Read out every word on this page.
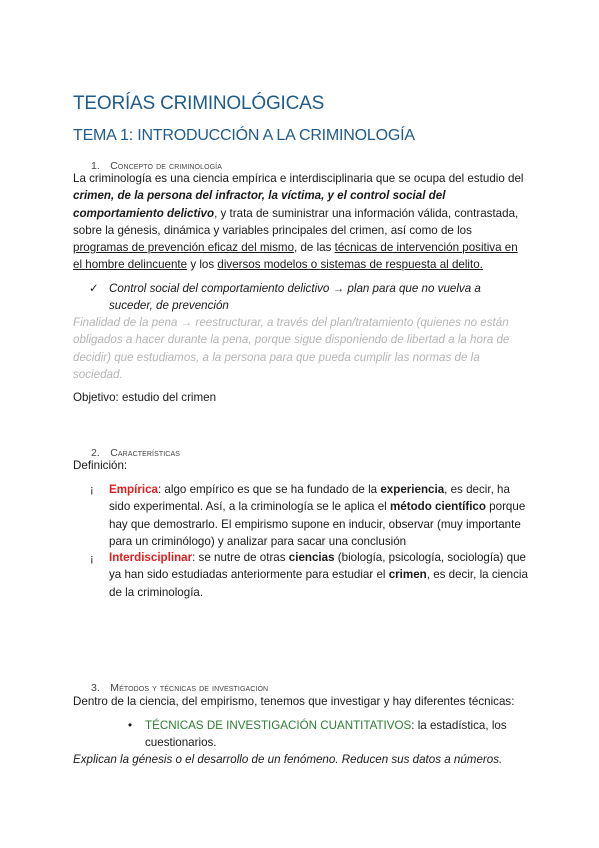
TEORÍAS CRIMINOLÓGICAS
TEMA 1: INTRODUCCIÓN A LA CRIMINOLOGÍA
1. Concepto de criminología

La criminología es una ciencia empírica e interdisciplinaria que se ocupa del estudio del crimen, de la persona del infractor, la víctima, y el control social del comportamiento delictivo, y trata de suministrar una información válida, contrastada, sobre la génesis, dinámica y variables principales del crimen, así como de los programas de prevención eficaz del mismo, de las técnicas de intervención positiva en el hombre delincuente y los diversos modelos o sistemas de respuesta al delito.

✓ Control social del comportamiento delictivo → plan para que no vuelva a suceder, de prevención
Finalidad de la pena → reestructurar, a través del plan/tratamiento (quienes no están obligados a hacer durante la pena, porque sigue disponiendo de libertad a la hora de decidir) que estudiamos, a la persona para que pueda cumplir las normas de la sociedad.
Objetivo: estudio del crimen
2. Características
Definición:
¡ Empírica: algo empírico es que se ha fundado de la experiencia, es decir, ha sido experimental. Así, a la criminología se le aplica el método científico porque hay que demostrarlo. El empirismo supone en inducir, observar (muy importante para un criminólogo) y analizar para sacar una conclusión

¡ Interdisciplinar: se nutre de otras ciencias (biología, psicología, sociología) que ya han sido estudiadas anteriormente para estudiar el crimen, es decir, la ciencia de la criminología.

3. Métodos y técnicas de investigación
Dentro de la ciencia, del empirismo, tenemos que investigar y hay diferentes técnicas:
• TÉCNICAS DE INVESTIGACIÓN CUANTITATIVOS: la estadística, los cuestionarios.

Explican la génesis o el desarrollo de un fenómeno. Reducen sus datos a números.
